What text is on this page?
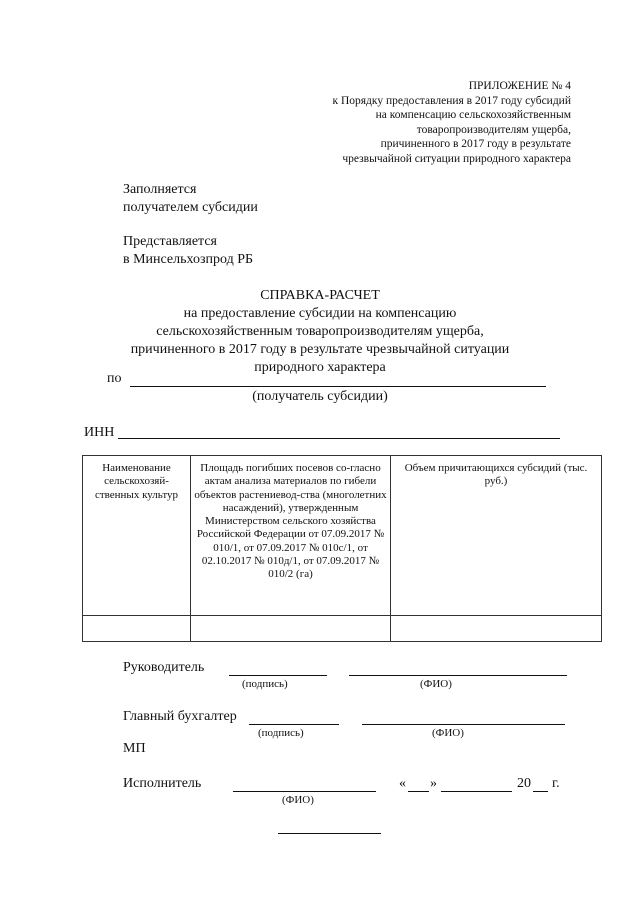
ПРИЛОЖЕНИЕ № 4
к Порядку предоставления в 2017 году субсидий
на компенсацию сельскохозяйственным
товаропроизводителям ущерба,
причиненного в 2017 году в результате
чрезвычайной ситуации природного характера
Заполняется
получателем субсидии
Представляется
в Минсельхозпрод РБ
СПРАВКА-РАСЧЕТ
на предоставление субсидии на компенсацию
сельскохозяйственным товаропроизводителям ущерба,
причиненного в 2017 году в результате чрезвычайной ситуации
природного характера
по
(получатель субсидии)
ИНН
Наименование сельскохозяй-ственных культур	Площадь погибших посевов со-гласно актам анализа материалов по гибели объектов растениевод-ства (многолетних насаждений), утвержденным Министерством сельского хозяйства Российской Федерации от 07.09.2017 № 010/1, от 07.09.2017 № 010с/1, от 02.10.2017 № 010д/1, от 07.09.2017 № 010/2 (га)	Объем причитающихся субсидий (тыс. руб.)

Руководитель
(подпись)	(ФИО)
Главный бухгалтер
(подпись)	(ФИО)
МП
Исполнитель
(ФИО)
« »	20 г.
